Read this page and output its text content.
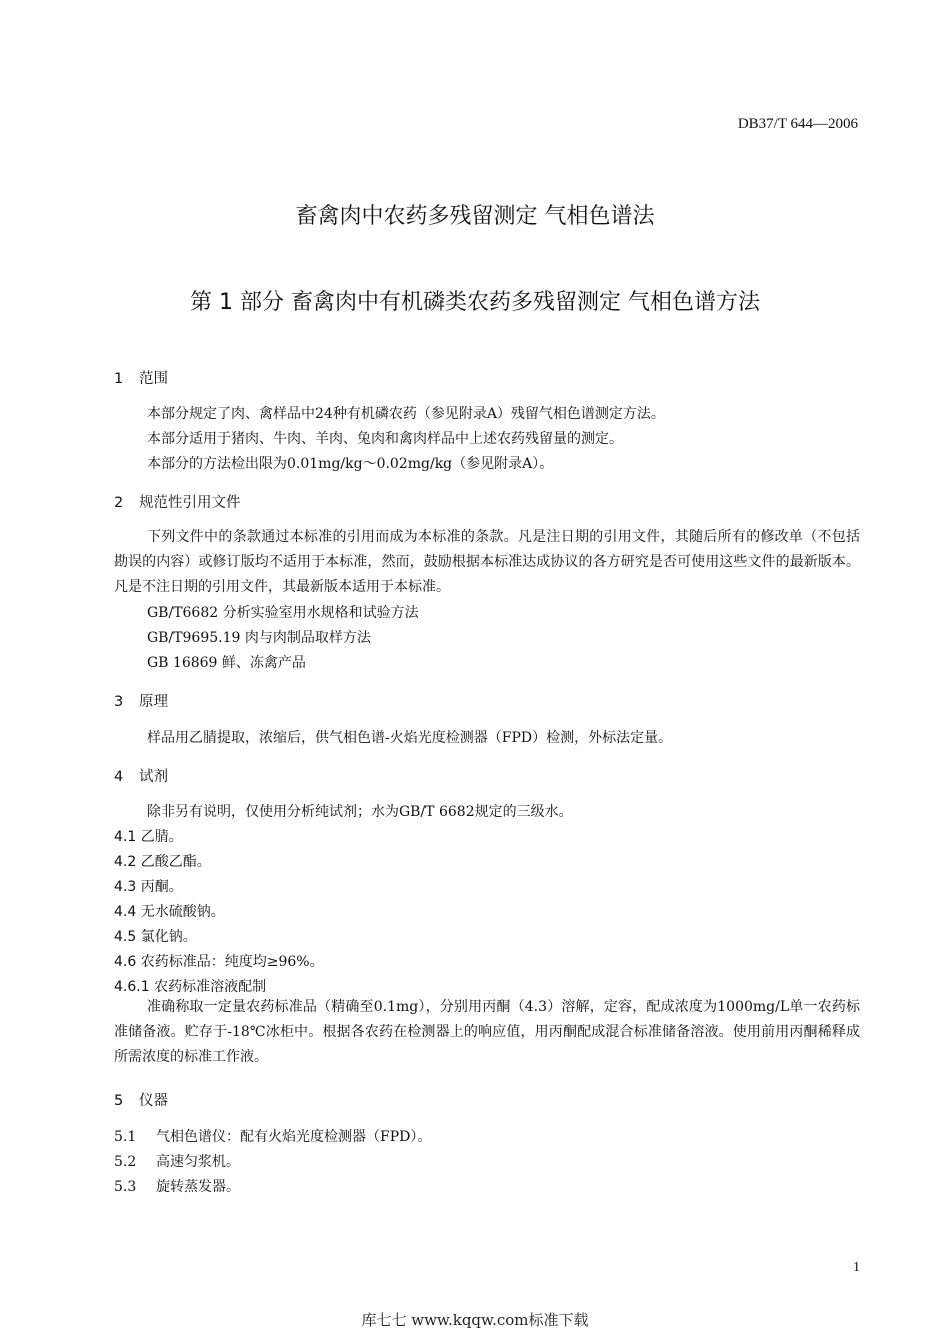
DB37/T 644—2006
畜禽肉中农药多残留测定 气相色谱法
第 1 部分 畜禽肉中有机磷类农药多残留测定 气相色谱方法
1 范围
本部分规定了肉、禽样品中24种有机磷农药（参见附录A）残留气相色谱测定方法。
本部分适用于猪肉、牛肉、羊肉、兔肉和禽肉样品中上述农药残留量的测定。
本部分的方法检出限为0.01mg/kg～0.02mg/kg（参见附录A）。
2 规范性引用文件
下列文件中的条款通过本标准的引用而成为本标准的条款。凡是注日期的引用文件，其随后所有的修改单（不包括勘误的内容）或修订版均不适用于本标准，然而，鼓励根据本标准达成协议的各方研究是否可使用这些文件的最新版本。凡是不注日期的引用文件，其最新版本适用于本标准。
GB/T6682 分析实验室用水规格和试验方法
GB/T9695.19 肉与肉制品取样方法
GB 16869 鲜、冻禽产品
3 原理
样品用乙腈提取，浓缩后，供气相色谱-火焰光度检测器（FPD）检测，外标法定量。
4 试剂
除非另有说明，仅使用分析纯试剂；水为GB/T 6682规定的三级水。
4.1 乙腈。
4.2 乙酸乙酯。
4.3 丙酮。
4.4 无水硫酸钠。
4.5 氯化钠。
4.6 农药标准品：纯度均≥96%。
4.6.1 农药标准溶液配制
准确称取一定量农药标准品（精确至0.1mg），分别用丙酮（4.3）溶解，定容，配成浓度为1000mg/L单一农药标准储备液。贮存于-18℃冰柜中。根据各农药在检测器上的响应值，用丙酮配成混合标准储备溶液。使用前用丙酮稀释成所需浓度的标准工作液。
5 仪器
5.1 气相色谱仪：配有火焰光度检测器（FPD）。
5.2 高速匀浆机。
5.3 旋转蒸发器。
1
库七七 www.kqqw.com标准下载
